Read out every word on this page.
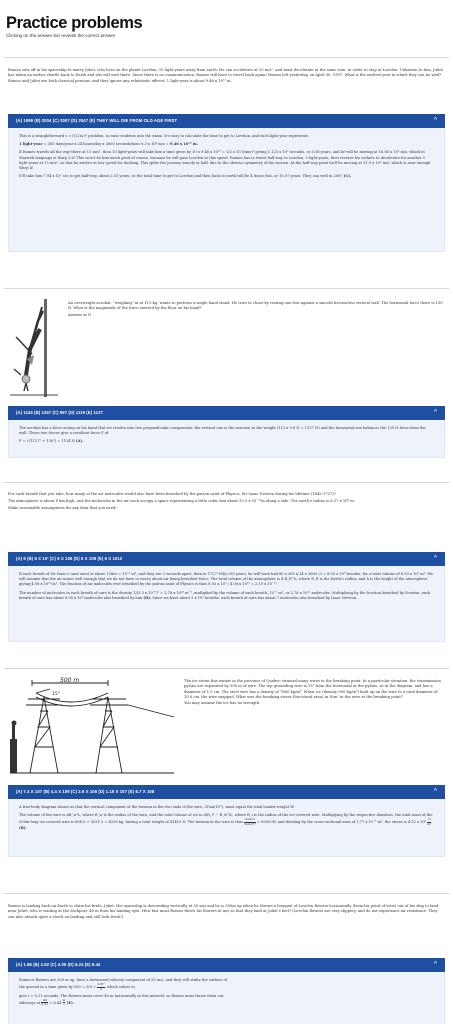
Practice problems
Clicking on the answer bar reveals the correct answer

Romeo sets off in his spaceship to marry Juliet, who lives on the planet Lovelon, 10 light-years away from earth. He can accelerate at 15 m/s², and must decelerate at the same rate, in order to stop at Lovelon. Unknown to him, Juliet has taken an earlier shuttle back to Earth and she will wait there. Since there is no communication, Romeo will have to travel back again! Romeo left yesterday, on April 30, 1997. What is the earliest year in which they can be wed? Romeo and Juliet are both classical persons, and they ignore any relativistic effects! 1 light-year is about 9.46 x 10¹⁵ m.

(A) 1999 (B) 2004 (C) 2007 (D) 2047 (E) THEY WILL DIE FROM OLD AGE FIRST	^

This is a straightforward s = (1/2)a t² problem, so ease students into the exam. It's easy to calculate the time to get to Lovelon, and each light year represents

1 light-year = 365 days/year x 24 hours/day x 3600 seconds/hour x 3 x 10⁸ m/s = 9.46 x 10¹⁵ m.

If Romeo travels all the way there at 15 m/s², then 10 light-years will take him a time given by 10 x 9.46 x 10¹⁵ = 1/2 x 15 (time)² giving 1.123 x 10⁸ seconds, or 3.56 years, and he will be moving at 16.85 x 10⁸ m/s, which in Startrek language is Warp 5.6! This won't do him much good of course, because he will pass Lovelon at this speed. Romeo has to travel half-way to Lovelon, 5 light-years, then reverse his rockets to decelerate for another 5 light years at 15 m/s², so that he arrives at low speed for docking. This splits the journey exactly in half, due to the obvious symmetry of the motion. At the half-way point he'll be moving at 11.9 x 10⁸ m/s, which is near enough Warp 4!

It'll take him 7.94 x 10⁷ sec to get half-way, about 2.51 years, so the total time to get to Lovelon and then back to earth will be 4 times this, or 10.07 years. They can wed in 2007 (C).

An overweight acrobat, "weighing" in at 113 kg, wants to perform a single hand stand. He tries to cheat by resting one foot against a smooth frictionless vertical wall. The horizontal force there is 130 N. What is the magnitude of the force exerted by the floor on his hand?

Answer in N

(A) 1134 (B) 1257 (C) 997 (D) 1119 (E) 1127	^

The acrobat has a force acting on his hand that we resolve into two perpendicular components: the vertical one is the reaction to the weight (113 x 9.8 N = 1127 N) and the horizontal one balances the 130 N force from the wall. These two forces give a resultant force F of

F = √(1127² + 130²) = 1134 N (A).

For each breath that you take, how many of the air molecules would also have been breathed by the patron saint of Physics, Sir Isaac Newton during his lifetime (1642-1727)?

The atmosphere is about 8 km high, and the molecules in the air each occupy a space representing a little cubic box about 33.3 x 10⁻¹⁰m along a side. The earth's radius is 6.37 x 10⁶ m.

Make reasonable assumptions for any data that you need!

(A) 6 (B) 6 X 10² (C) 6 X 106 (D) 6 X 109 (E) 6 X 1012	^

If each breath of Sir Isaac's (and ours) is about 1 litre = 10⁻³ m³, and they are 3 seconds apart, then in 1727-1642=85 years, he will have had 85 x 365 x 24 x 3600 /3 = 8.93 x 10⁸ breaths, for a total volume of 8.93 x 10⁵ m³. We will assume that the air mixes well enough that we do not have to worry about air being breathed twice. The total volume of the atmosphere is 4 R_E² h, where R_E is the Earth's radius, and h is the height of the atmosphere, giving 4.08 x 10¹⁸ m³. The fraction of air molecules ever breathed by the patron saint of Physics is thus 8.93 x 10⁵ / 4.08 x 10¹⁸ = 2.19 x 10⁻¹³.

The number of molecules in each breath of ours is the density 1/(3.3 x 10⁻⁹)³ = 2.78 x 10²⁵ m⁻³, multiplied by the volume of each breath, 10⁻³ m³, or 2.78 x 10²² molecules. Multiplying by the fraction breathed by Newton, each breath of ours has about 6.08 x 10⁹ molecules also breathed by him (D). Since we have about 9 x 10⁸ breaths, each breath of ours has about 7 molecules also breathed by Isaac Newton.

500 m
15°

The ice storm this winter in the province of Quebec strained many wires to the breaking point. In a particular situation, the transmission pylons are separated by 500 m of wire. The top grounding wire is 15° from the horizontal at the pylons, as in the diagram, and has a diameter of 1.5 cm. The steel wire has a density of 7860 kg/m³. When ice (density 900 kg/m³) built up on the wire to a total diameter of 10.0 cm, the wire snapped. What was the breaking stress (force/unit area) in N/m² in the wire at the breaking point?

You may assume the ice has no strength.

(A) 7.4 X 107 (B) 4.4 X 109 (C) 2.6 X 106 (D) 1.15 X 107 (E) 6.7 X 108	^

A free-body diagram shows us that the vertical component of the tension in the two ends of the wire, 2Tsin(15°), must equal the total loaded weight W.

The volume of the wire is πR_w²L, where R_w is the radius of the wire, and the total volume of ice is π(R_i² − R_w²)L, where R_i is the radius of the ice-covered wire. Multiplying by the respective densities, the total mass of the 500m-long ice-covered wire is 694.5 + 3531.5 = 4226 kg, having a total weight of 41415 N. The tension in the wire is thus $\frac{41415}{2\sin 15^\circ} = 80000N$, and dividing by the cross-sectional area of 1.77 x 10⁻⁴ m², the stress is 4.52 x $10^8 \frac{N}{\text{m²}}$
(B).

Romeo is landing back on Earth to claim his bride, Juliet. His spaceship is descending vertically at 50 m/s and he is 500m up when he throws a bouquet of Lovelon flowers horizontally (from his point of view) out of his ship to land near Juliet, who is waiting at the dockport, 40 m from his landing spot. How fast must Romeo throw his flowers in m/s so that they land at Juliet's feet? (Lovelon flowers are very slippery, and do not experience air resistance. They can also absorb quite a shock on landing and still look fresh!).

(A) 1.86 (B) 2.52 (C) 4.00 (D) 5.24 (E) 6.44	^

Romeo's flowers are 500 m up, have a downward velocity component of 50 m/s, and they will strike the surface of the ground in a time given by $500 = 50t + \frac{\text{9.8t²}}{2}$ , which solves to

give t = 6.21 seconds. The flowers must cover 40 m horizontally in this interval, so Romeo must throw them out sideways at $\frac{40}{6.21} = 6.44 \frac{m}{s} (E)$.
